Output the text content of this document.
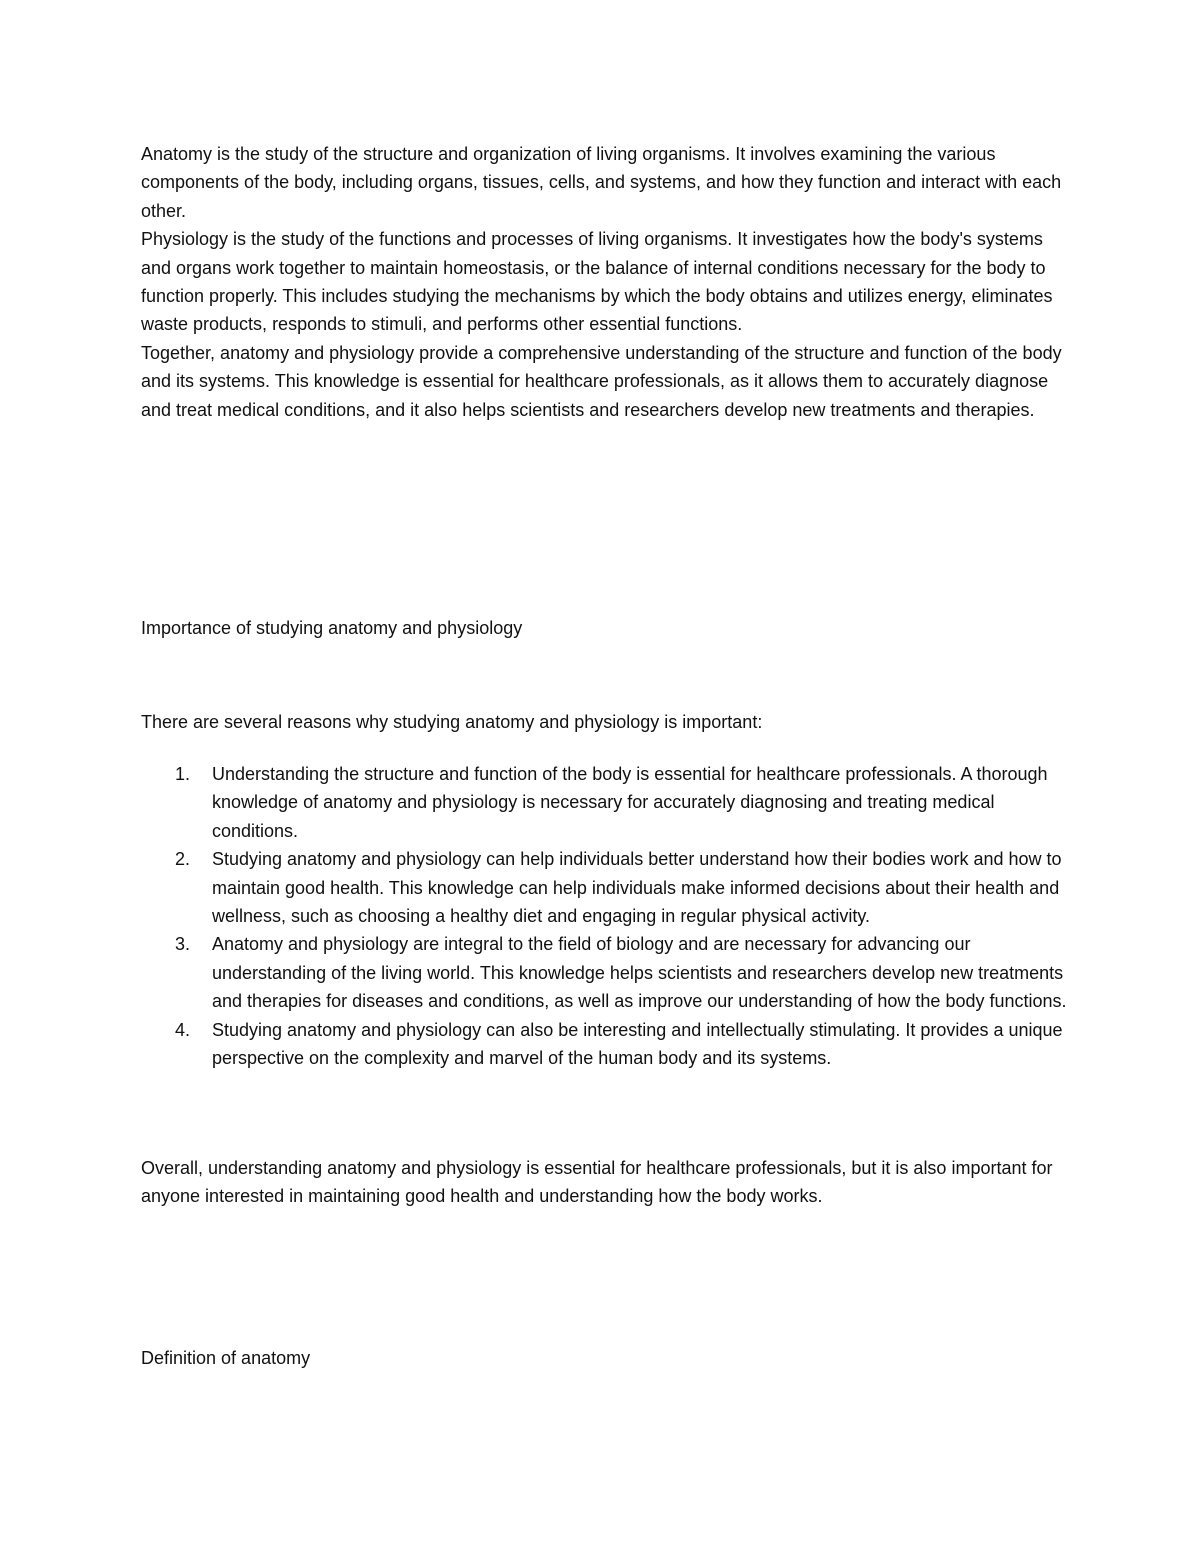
Anatomy is the study of the structure and organization of living organisms. It involves examining the various components of the body, including organs, tissues, cells, and systems, and how they function and interact with each other.

Physiology is the study of the functions and processes of living organisms. It investigates how the body's systems and organs work together to maintain homeostasis, or the balance of internal conditions necessary for the body to function properly. This includes studying the mechanisms by which the body obtains and utilizes energy, eliminates waste products, responds to stimuli, and performs other essential functions.

Together, anatomy and physiology provide a comprehensive understanding of the structure and function of the body and its systems. This knowledge is essential for healthcare professionals, as it allows them to accurately diagnose and treat medical conditions, and it also helps scientists and researchers develop new treatments and therapies.

Importance of studying anatomy and physiology

There are several reasons why studying anatomy and physiology is important:

1. Understanding the structure and function of the body is essential for healthcare professionals. A thorough knowledge of anatomy and physiology is necessary for accurately diagnosing and treating medical conditions.
2. Studying anatomy and physiology can help individuals better understand how their bodies work and how to maintain good health. This knowledge can help individuals make informed decisions about their health and wellness, such as choosing a healthy diet and engaging in regular physical activity.
3. Anatomy and physiology are integral to the field of biology and are necessary for advancing our understanding of the living world. This knowledge helps scientists and researchers develop new treatments and therapies for diseases and conditions, as well as improve our understanding of how the body functions.
4. Studying anatomy and physiology can also be interesting and intellectually stimulating. It provides a unique perspective on the complexity and marvel of the human body and its systems.

Overall, understanding anatomy and physiology is essential for healthcare professionals, but it is also important for anyone interested in maintaining good health and understanding how the body works.

Definition of anatomy
